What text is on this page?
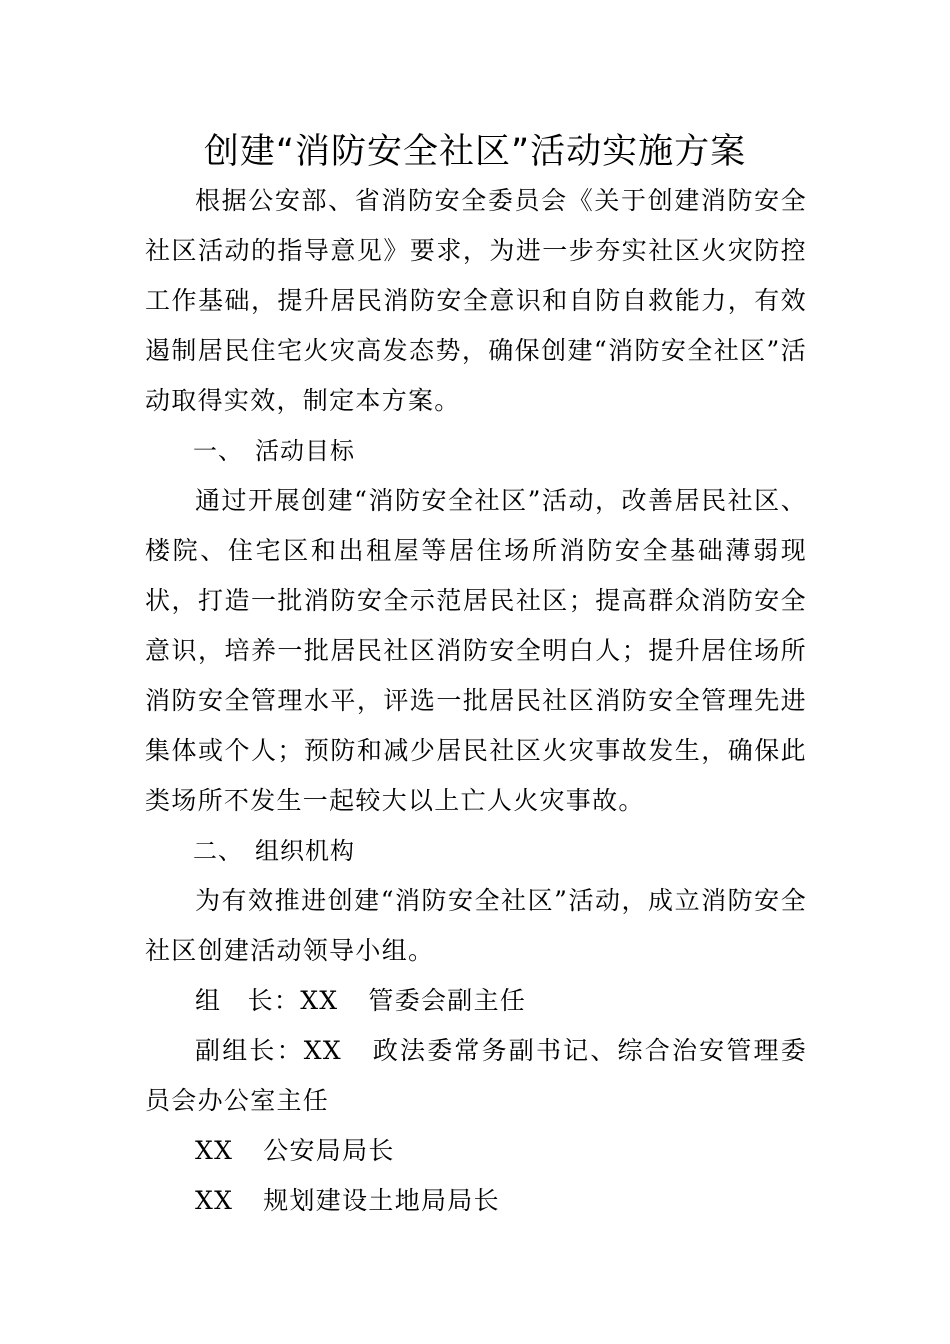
创建“消防安全社区”活动实施方案

根据公安部、省消防安全委员会《关于创建消防安全社区活动的指导意见》要求，为进一步夯实社区火灾防控工作基础，提升居民消防安全意识和自防自救能力，有效遏制居民住宅火灾高发态势，确保创建“消防安全社区”活动取得实效，制定本方案。

一、 活动目标

通过开展创建“消防安全社区”活动，改善居民社区、楼院、住宅区和出租屋等居住场所消防安全基础薄弱现状，打造一批消防安全示范居民社区；提高群众消防安全意识，培养一批居民社区消防安全明白人；提升居住场所消防安全管理水平，评选一批居民社区消防安全管理先进集体或个人；预防和减少居民社区火灾事故发生，确保此类场所不发生一起较大以上亡人火灾事故。

二、 组织机构

为有效推进创建“消防安全社区”活动，成立消防安全社区创建活动领导小组。

组　长：XX 管委会副主任

副组长：XX 政法委常务副书记、综合治安管理委员会办公室主任

XX 公安局局长

XX 规划建设土地局局长
